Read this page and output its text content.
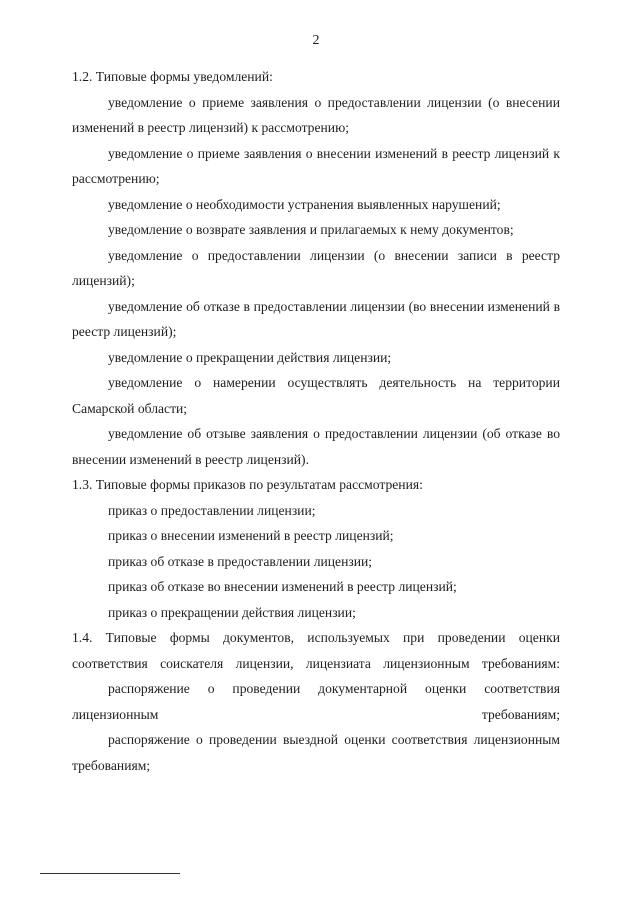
2

1.2. Типовые формы уведомлений:

уведомление о приеме заявления о предоставлении лицензии (о внесении изменений в реестр лицензий) к рассмотрению;

уведомление о приеме заявления о внесении изменений в реестр лицензий к рассмотрению;

уведомление о необходимости устранения выявленных нарушений;

уведомление о возврате заявления и прилагаемых к нему документов;

уведомление о предоставлении лицензии (о внесении записи в реестр лицензий);

уведомление об отказе в предоставлении лицензии (во внесении изменений в реестр лицензий);

уведомление о прекращении действия лицензии;

уведомление о намерении осуществлять деятельность на территории Самарской области;

уведомление об отзыве заявления о предоставлении лицензии (об отказе во внесении изменений в реестр лицензий).

1.3. Типовые формы приказов по результатам рассмотрения:

приказ о предоставлении лицензии;

приказ о внесении изменений в реестр лицензий;

приказ об отказе в предоставлении лицензии;

приказ об отказе во внесении изменений в реестр лицензий;

приказ о прекращении действия лицензии;

1.4. Типовые формы документов, используемых при проведении оценки соответствия соискателя лицензии, лицензиата лицензионным требованиям:

распоряжение о проведении документарной оценки соответствия лицензионным требованиям;

распоряжение о проведении выездной оценки соответствия лицензионным требованиям;
